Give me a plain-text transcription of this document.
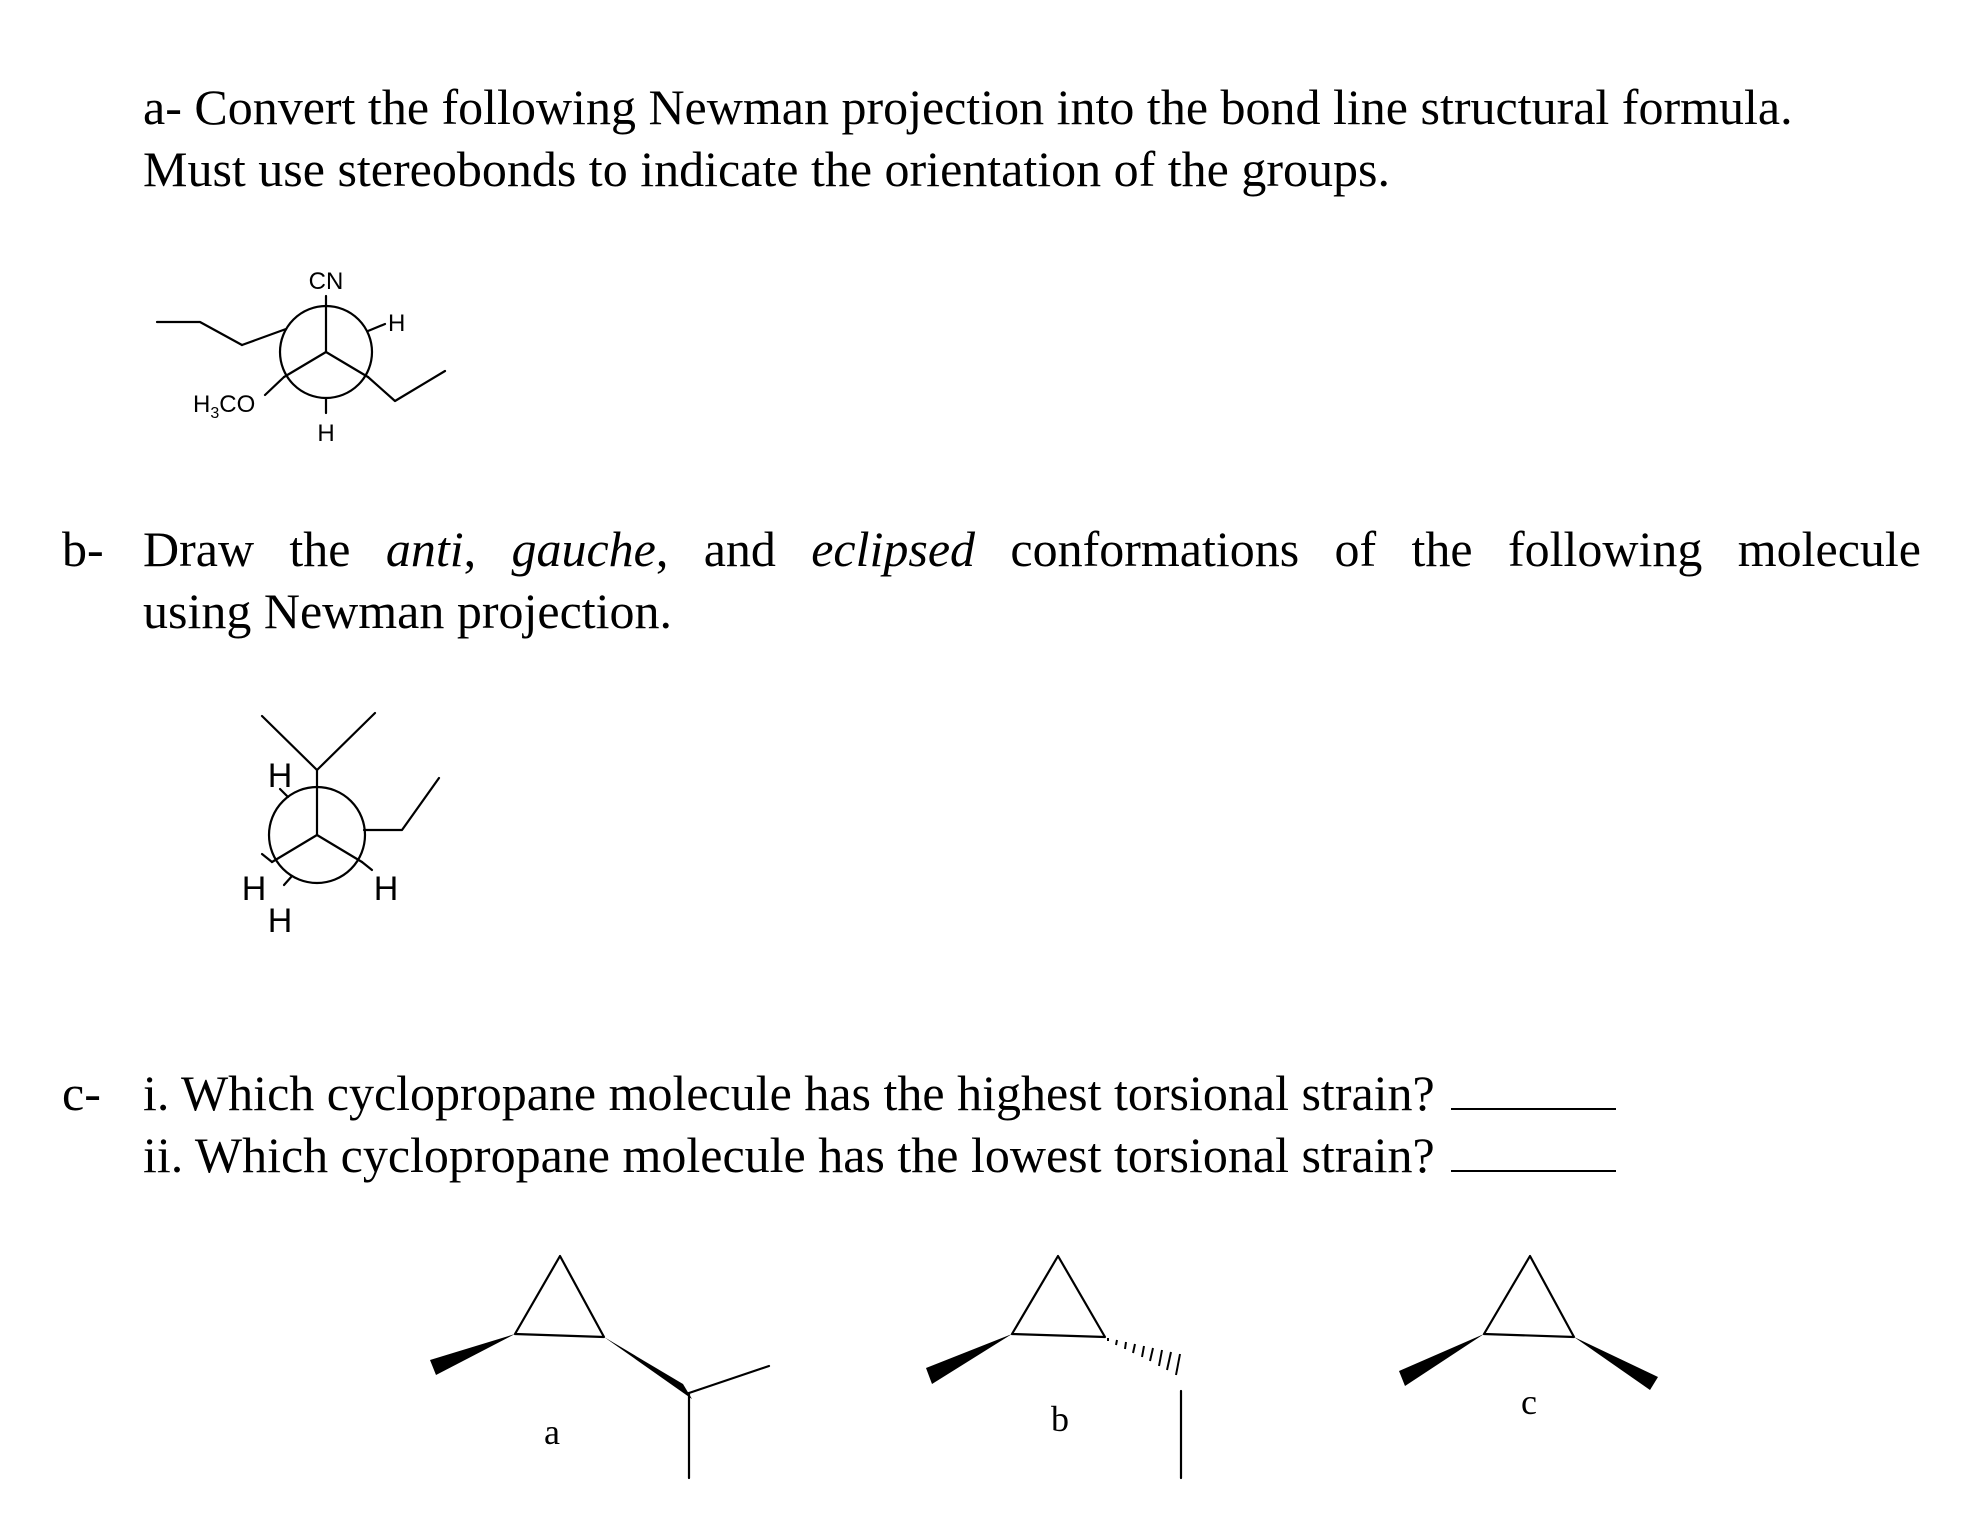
a- Convert the following Newman projection into the bond line structural formula.
Must use stereobonds to indicate the orientation of the groups.
b- Draw the anti, gauche, and eclipsed conformations of the following molecule
using Newman projection.
c- i. Which cyclopropane molecule has the highest torsional strain?
ii. Which cyclopropane molecule has the lowest torsional strain?
CN
H
$H_3CO$
H
H
H
H
H
a	b	c
